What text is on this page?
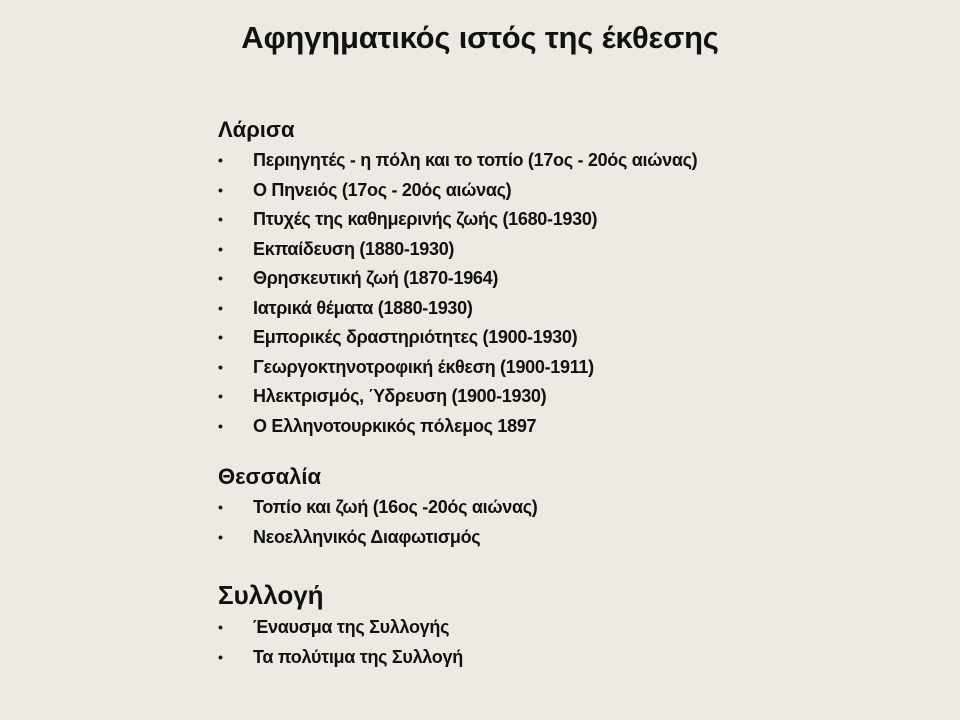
Αφηγηματικός ιστός της έκθεσης
Λάρισα
•	Περιηγητές - η πόλη και το τοπίο (17ος - 20ός αιώνας)
•	Ο Πηνειός (17ος - 20ός αιώνας)
•	Πτυχές της καθημερινής ζωής (1680-1930)
•	Εκπαίδευση (1880-1930)
•	Θρησκευτική ζωή (1870-1964)
•	Ιατρικά θέματα (1880-1930)
•	Εμπορικές δραστηριότητες (1900-1930)
•	Γεωργοκτηνοτροφική έκθεση (1900-1911)
•	Ηλεκτρισμός, Ύδρευση (1900-1930)
•	Ο Ελληνοτουρκικός πόλεμος 1897
Θεσσαλία
•	Τοπίο και ζωή (16ος -20ός αιώνας)
•	Νεοελληνικός Διαφωτισμός
Συλλογή
•	Έναυσμα της Συλλογής
•	Τα πολύτιμα της Συλλογή
